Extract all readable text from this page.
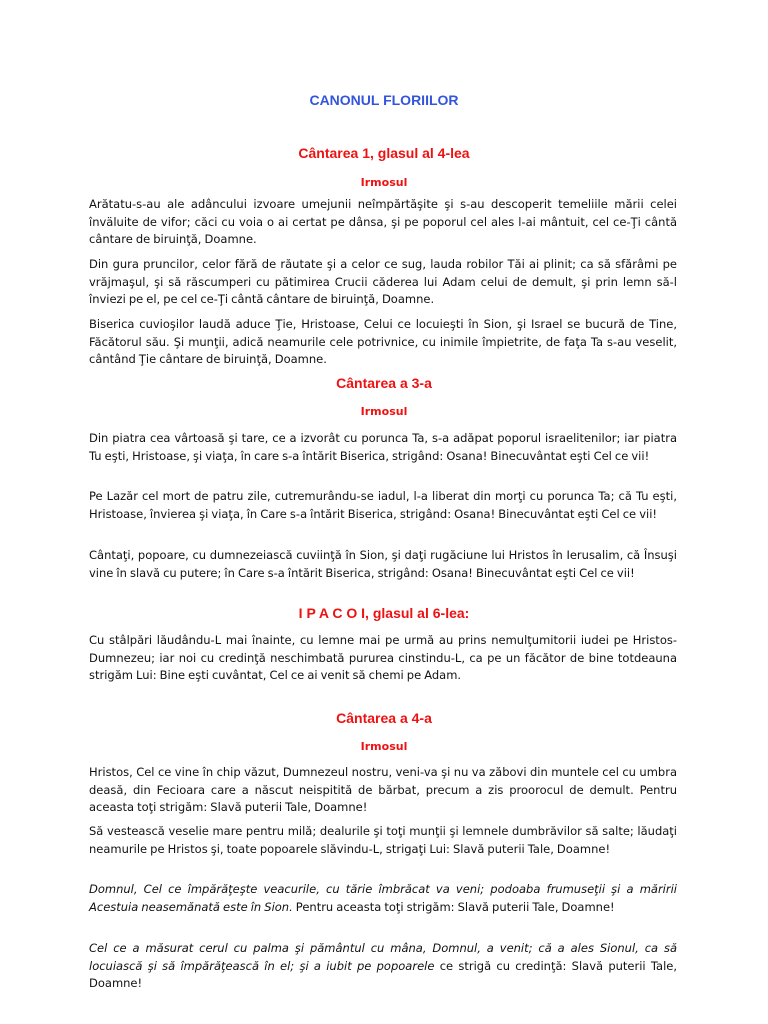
CANONUL FLORIILOR
Cântarea 1, glasul al 4-lea
Irmosul

Arătatu-s-au ale adâncului izvoare umejunii neîmpărtăşite şi s-au descoperit temeliile mării celei înväluite de vifor; căci cu voia o ai certat pe dânsa, şi pe poporul cel ales l-ai mântuit, cel ce-Ţi cântă cântare de biruinţă, Doamne.

Din gura pruncilor, celor fără de răutate şi a celor ce sug, lauda robilor Tăi ai plinit; ca să sfărâmi pe vrăjmaşul, şi să răscumperi cu pătimirea Crucii căderea lui Adam celui de demult, şi prin lemn să-l înviezi pe el, pe cel ce-Ţi cântă cântare de biruinţă, Doamne.

Biserica cuvioşilor laudă aduce Ţie, Hristoase, Celui ce locuieşti în Sion, şi Israel se bucură de Tine, Făcătorul său. Şi munţii, adică neamurile cele potrivnice, cu inimile împietrite, de faţa Ta s-au veselit, cântând Ţie cântare de biruinţă, Doamne.

Cântarea a 3-a
Irmosul

Din piatra cea vârtoasă şi tare, ce a izvorât cu porunca Ta, s-a adăpat poporul israelitenilor; iar piatra Tu eşti, Hristoase, şi viaţa, în care s-a întărit Biserica, strigând: Osana! Binecuvântat eşti Cel ce vii!

Pe Lazăr cel mort de patru zile, cutremurându-se iadul, l-a liberat din morţi cu porunca Ta; că Tu eşti, Hristoase, învierea şi viaţa, în Care s-a întărit Biserica, strigând: Osana! Binecuvântat eşti Cel ce vii!

Cântaţi, popoare, cu dumnezeiască cuviinţă în Sion, şi daţi rugăciune lui Hristos în Ierusalim, că Însuşi vine în slavă cu putere; în Care s-a întărit Biserica, strigând: Osana! Binecuvântat eşti Cel ce vii!

I P A C O I, glasul al 6-lea:

Cu stâlpări lăudându-L mai înainte, cu lemne mai pe urmă au prins nemulţumitorii iudei pe Hristos-Dumnezeu; iar noi cu credinţă neschimbată pururea cinstindu-L, ca pe un făcător de bine totdeauna strigăm Lui: Bine eşti cuvântat, Cel ce ai venit să chemi pe Adam.

Cântarea a 4-a
Irmosul

Hristos, Cel ce vine în chip văzut, Dumnezeul nostru, veni-va şi nu va zăbovi din muntele cel cu umbra deasă, din Fecioara care a născut neispitită de bărbat, precum a zis proorocul de demult. Pentru aceasta toţi strigăm: Slavă puterii Tale, Doamne!

Să vestească veselie mare pentru milă; dealurile şi toţi munţii şi lemnele dumbrăvilor să salte; lăudaţi neamurile pe Hristos şi, toate popoarele slăvindu-L, strigaţi Lui: Slavă puterii Tale, Doamne!

Domnul, Cel ce împărăţeşte veacurile, cu tărie îmbrăcat va veni; podoaba frumuseţii şi a măririi Acestuia neasemănată este în Sion. Pentru aceasta toţi strigăm: Slavă puterii Tale, Doamne!

Cel ce a măsurat cerul cu palma şi pământul cu mâna, Domnul, a venit; că a ales Sionul, ca să locuiască şi să împărăţească în el; şi a iubit pe popoarele ce strigă cu credinţă: Slavă puterii Tale, Doamne!
